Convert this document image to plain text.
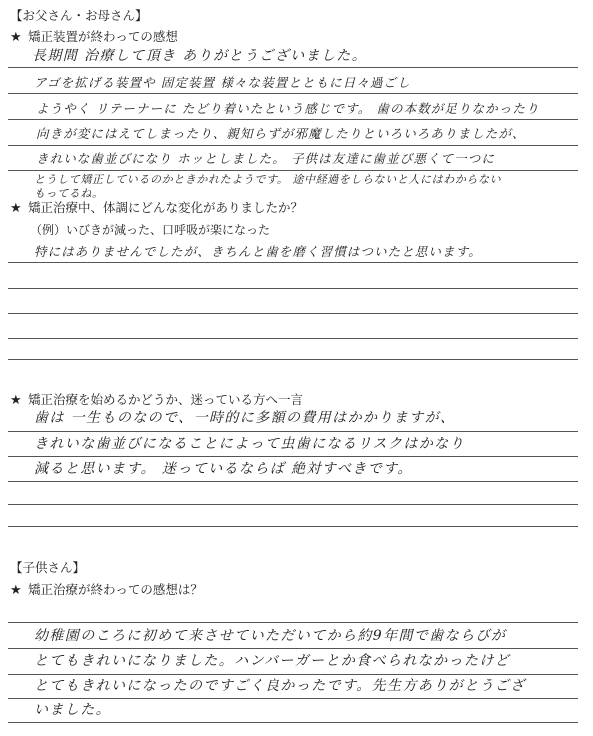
【お父さん・お母さん】
★ 矯正装置が終わっての感想
長期間 治療して頂き ありがとうございました。
アゴを拡げる装置や 固定装置 様々な装置とともに日々過ごし
ようやく リテーナーに たどり着いたという感じです。 歯の本数が足りなかったり
向きが変にはえてしまったり、親知らずが邪魔したりといろいろありましたが、
きれいな歯並びになり ホッとしました。 子供は友達に歯並び悪くて一つに
とうして矯正しているのかときかれたようです。 途中経過をしらないと人にはわからない
もってるね。
★ 矯正治療中、体調にどんな変化がありましたか？
（例）いびきが減った、口呼吸が楽になった
特にはありませんでしたが、きちんと歯を磨く習慣はついたと思います。
★ 矯正治療を始めるかどうか、迷っている方へ一言
歯は 一生ものなので、一時的に多額の費用はかかりますが、
きれいな歯並びになることによって虫歯になるリスクはかなり
減ると思います。 迷っているならば 絶対すべきです。
【子供さん】
★ 矯正治療が終わっての感想は？
幼稚園のころに初めて来させていただいてから約9年間で歯ならびが
とてもきれいになりました。ハンバーガーとか食べられなかったけど
とてもきれいになったのですごく良かったです。先生方ありがとうござ
いました。
